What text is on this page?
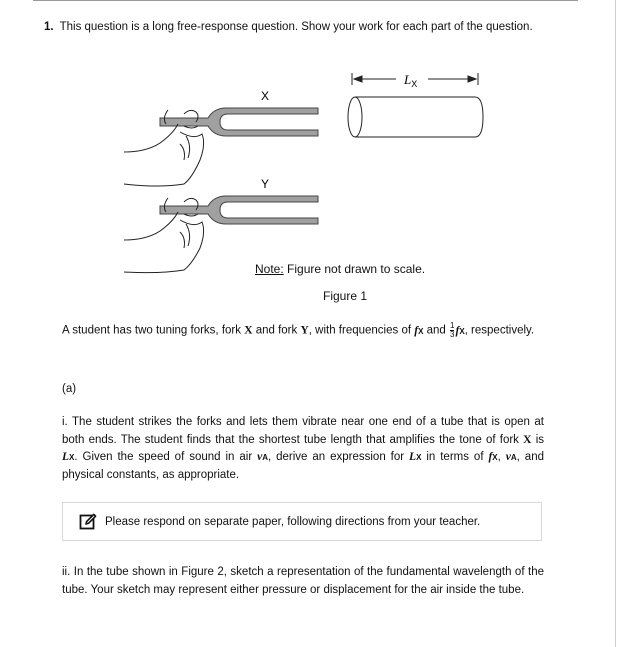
1. This question is a long free-response question. Show your work for each part of the question.
X
Y
$L_X$
Note: Figure not drawn to scale.
Figure 1
A student has two tuning forks, fork X and fork Y, with frequencies of fX and $\frac{1}{3}$ fX, respectively.
(a)
i. The student strikes the forks and lets them vibrate near one end of a tube that is open at both ends. The student finds that the shortest tube length that amplifies the tone of fork X is LX. Given the speed of sound in air vA, derive an expression for LX in terms of fX, vA, and physical constants, as appropriate.
Please respond on separate paper, following directions from your teacher.
ii. In the tube shown in Figure 2, sketch a representation of the fundamental wavelength of the tube. Your sketch may represent either pressure or displacement for the air inside the tube.
